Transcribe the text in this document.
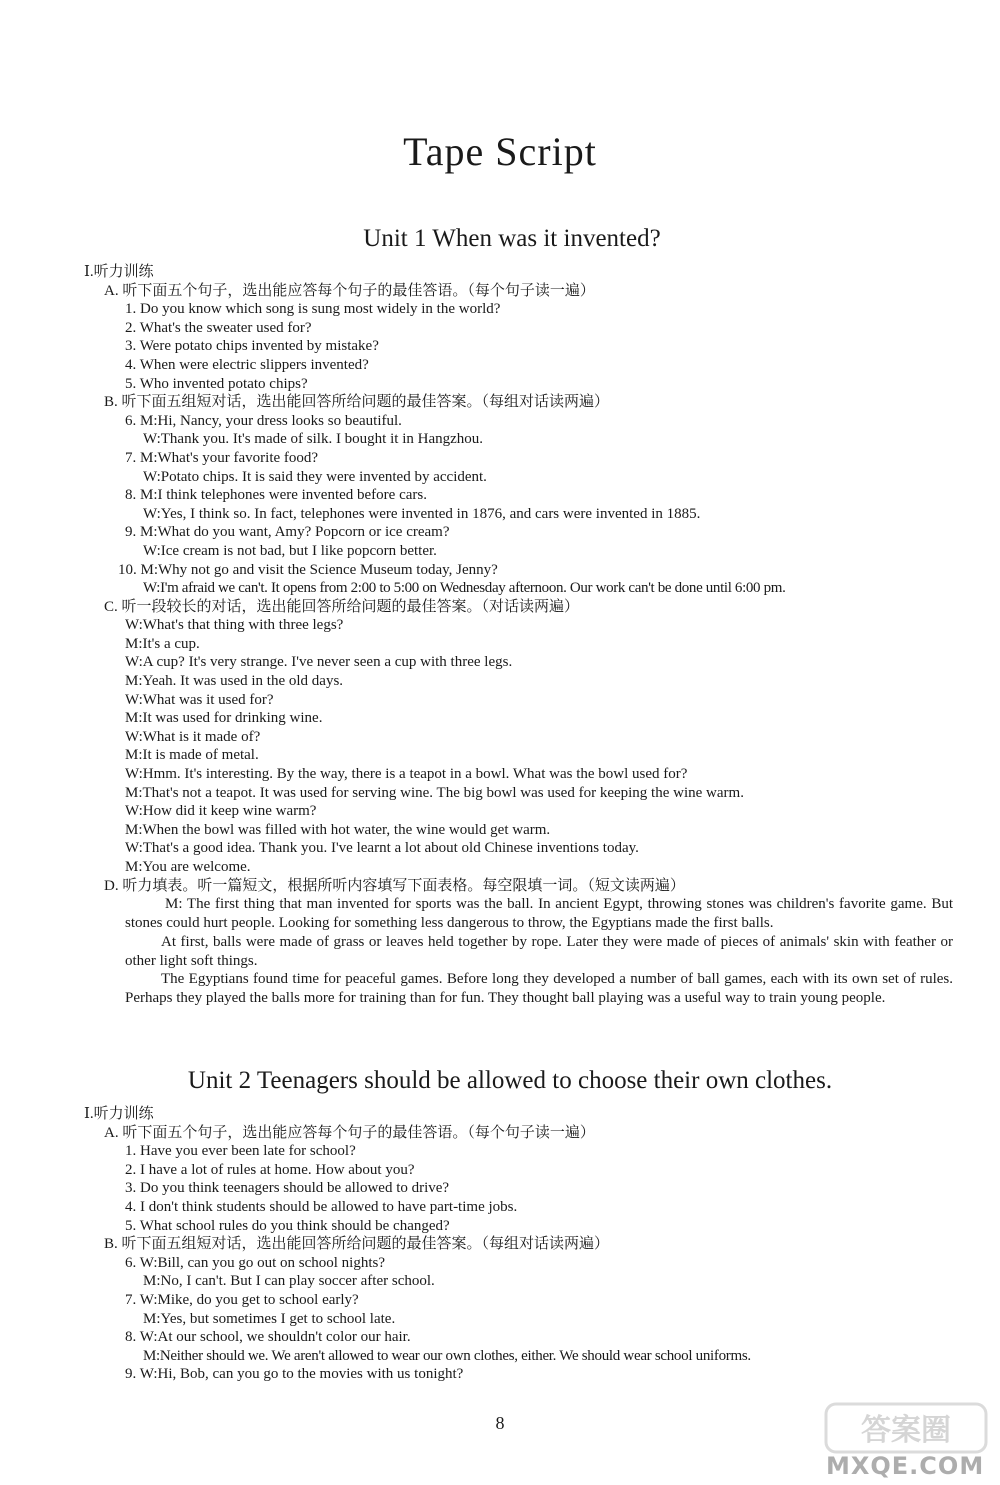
Tape Script
Unit 1 When was it invented?
Ⅰ.听力训练
A. 听下面五个句子，选出能应答每个句子的最佳答语。（每个句子读一遍）
1. Do you know which song is sung most widely in the world?
2. What's the sweater used for?
3. Were potato chips invented by mistake?
4. When were electric slippers invented?
5. Who invented potato chips?
B. 听下面五组短对话，选出能回答所给问题的最佳答案。（每组对话读两遍）
6. M:Hi, Nancy, your dress looks so beautiful.
W:Thank you. It's made of silk. I bought it in Hangzhou.
7. M:What's your favorite food?
W:Potato chips. It is said they were invented by accident.
8. M:I think telephones were invented before cars.
W:Yes, I think so. In fact, telephones were invented in 1876, and cars were invented in 1885.
9. M:What do you want, Amy? Popcorn or ice cream?
W:Ice cream is not bad, but I like popcorn better.
10. M:Why not go and visit the Science Museum today, Jenny?
W:I'm afraid we can't. It opens from 2:00 to 5:00 on Wednesday afternoon. Our work can't be done until 6:00 pm.
C. 听一段较长的对话，选出能回答所给问题的最佳答案。（对话读两遍）
W:What's that thing with three legs?
M:It's a cup.
W:A cup? It's very strange. I've never seen a cup with three legs.
M:Yeah. It was used in the old days.
W:What was it used for?
M:It was used for drinking wine.
W:What is it made of?
M:It is made of metal.
W:Hmm. It's interesting. By the way, there is a teapot in a bowl. What was the bowl used for?
M:That's not a teapot. It was used for serving wine. The big bowl was used for keeping the wine warm.
W:How did it keep wine warm?
M:When the bowl was filled with hot water, the wine would get warm.
W:That's a good idea. Thank you. I've learnt a lot about old Chinese inventions today.
M:You are welcome.
D. 听力填表。听一篇短文，根据所听内容填写下面表格。每空限填一词。（短文读两遍）

M: The first thing that man invented for sports was the ball. In ancient Egypt, throwing stones was children's favorite game. But stones could hurt people. Looking for something less dangerous to throw, the Egyptians made the first balls.

At first, balls were made of grass or leaves held together by rope. Later they were made of pieces of animals' skin with feather or other light soft things.

The Egyptians found time for peaceful games. Before long they developed a number of ball games, each with its own set of rules. Perhaps they played the balls more for training than for fun. They thought ball playing was a useful way to train young people.

Unit 2 Teenagers should be allowed to choose their own clothes.
Ⅰ.听力训练
A. 听下面五个句子，选出能应答每个句子的最佳答语。（每个句子读一遍）
1. Have you ever been late for school?
2. I have a lot of rules at home. How about you?
3. Do you think teenagers should be allowed to drive?
4. I don't think students should be allowed to have part-time jobs.
5. What school rules do you think should be changed?
B. 听下面五组短对话，选出能回答所给问题的最佳答案。（每组对话读两遍）
6. W:Bill, can you go out on school nights?
M:No, I can't. But I can play soccer after school.
7. W:Mike, do you get to school early?
M:Yes, but sometimes I get to school late.
8. W:At our school, we shouldn't color our hair.
M:Neither should we. We aren't allowed to wear our own clothes, either. We should wear school uniforms.
9. W:Hi, Bob, can you go to the movies with us tonight?
8	答案圈
MXQE.COM
